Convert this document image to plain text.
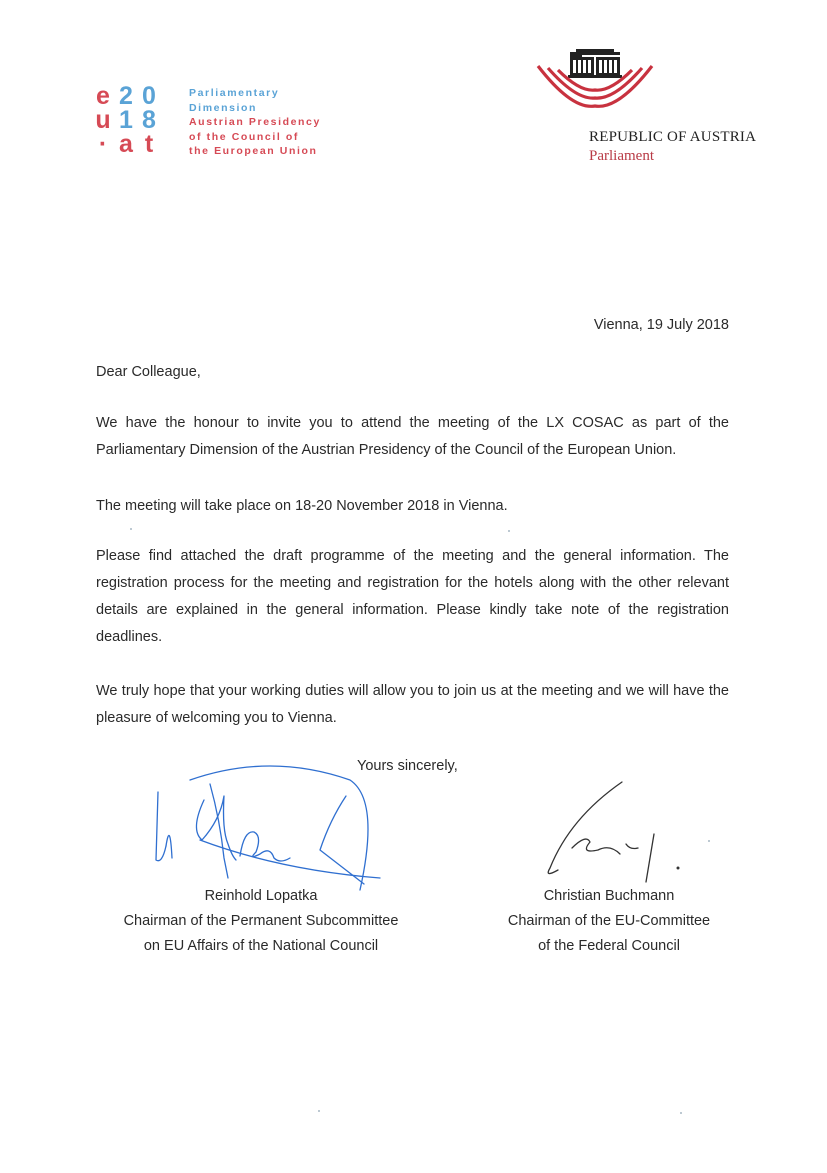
e 2 0
u 1 8
· a t
Parliamentary
Dimension
Austrian Presidency
of the Council of
the European Union
REPUBLIC OF AUSTRIA
Parliament
Vienna, 19 July 2018
Dear Colleague,
We have the honour to invite you to attend the meeting of the LX COSAC as part of the Parliamentary Dimension of the Austrian Presidency of the Council of the European Union.
The meeting will take place on 18-20 November 2018 in Vienna.
Please find attached the draft programme of the meeting and the general information. The registration process for the meeting and registration for the hotels along with the other relevant details are explained in the general information. Please kindly take note of the registration deadlines.
We truly hope that your working duties will allow you to join us at the meeting and we will have the pleasure of welcoming you to Vienna.
Yours sincerely,
Reinhold Lopatka
Chairman of the Permanent Subcommittee
on EU Affairs of the National Council
Christian Buchmann
Chairman of the EU-Committee
of the Federal Council
